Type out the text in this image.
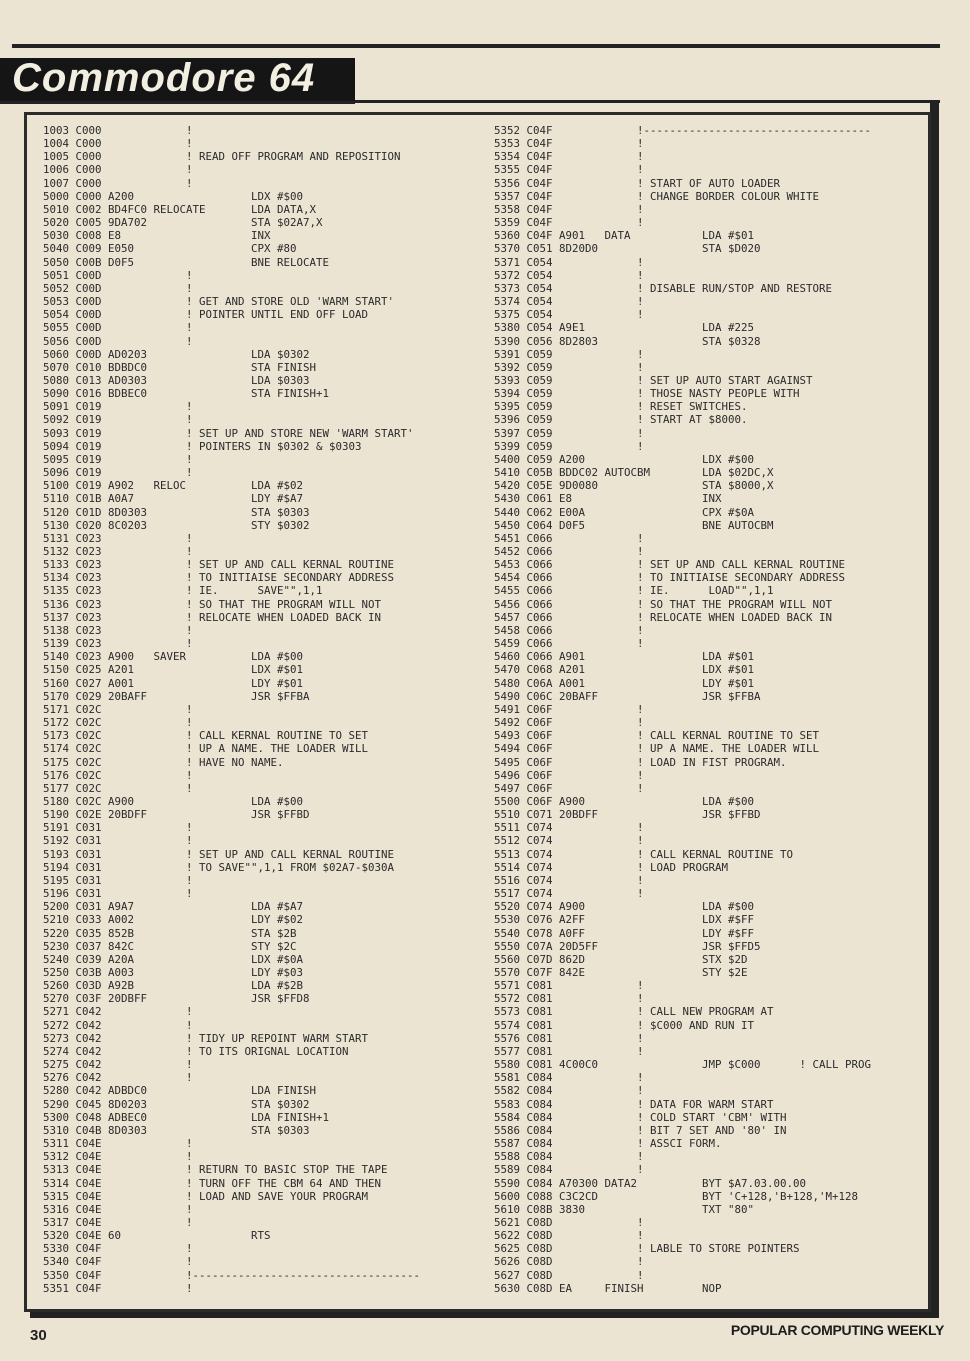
Commodore 64
1003 C000             !
1004 C000             !
1005 C000             ! READ OFF PROGRAM AND REPOSITION
1006 C000             !
1007 C000             !
5000 C000 A200                  LDX #$00
5010 C002 BD4FC0 RELOCATE       LDA DATA,X
5020 C005 9DA702                STA $02A7,X
5030 C008 E8                    INX
5040 C009 E050                  CPX #80
5050 C00B D0F5                  BNE RELOCATE
5051 C00D             !
5052 C00D             !
5053 C00D             ! GET AND STORE OLD 'WARM START'
5054 C00D             ! POINTER UNTIL END OFF LOAD
5055 C00D             !
5056 C00D             !
5060 C00D AD0203                LDA $0302
5070 C010 BDBDC0                STA FINISH
5080 C013 AD0303                LDA $0303
5090 C016 BDBEC0                STA FINISH+1
5091 C019             !
5092 C019             !
5093 C019             ! SET UP AND STORE NEW 'WARM START'
5094 C019             ! POINTERS IN $0302 & $0303
5095 C019             !
5096 C019             !
5100 C019 A902   RELOC          LDA #$02
5110 C01B A0A7                  LDY #$A7
5120 C01D 8D0303                STA $0303
5130 C020 8C0203                STY $0302
5131 C023             !
5132 C023             !
5133 C023             ! SET UP AND CALL KERNAL ROUTINE
5134 C023             ! TO INITIAISE SECONDARY ADDRESS
5135 C023             ! IE.      SAVE"",1,1
5136 C023             ! SO THAT THE PROGRAM WILL NOT
5137 C023             ! RELOCATE WHEN LOADED BACK IN
5138 C023             !
5139 C023             !
5140 C023 A900   SAVER          LDA #$00
5150 C025 A201                  LDX #$01
5160 C027 A001                  LDY #$01
5170 C029 20BAFF                JSR $FFBA
5171 C02C             !
5172 C02C             !
5173 C02C             ! CALL KERNAL ROUTINE TO SET
5174 C02C             ! UP A NAME. THE LOADER WILL
5175 C02C             ! HAVE NO NAME.
5176 C02C             !
5177 C02C             !
5180 C02C A900                  LDA #$00
5190 C02E 20BDFF                JSR $FFBD
5191 C031             !
5192 C031             !
5193 C031             ! SET UP AND CALL KERNAL ROUTINE
5194 C031             ! TO SAVE"",1,1 FROM $02A7-$030A
5195 C031             !
5196 C031             !
5200 C031 A9A7                  LDA #$A7
5210 C033 A002                  LDY #$02
5220 C035 852B                  STA $2B
5230 C037 842C                  STY $2C
5240 C039 A20A                  LDX #$0A
5250 C03B A003                  LDY #$03
5260 C03D A92B                  LDA #$2B
5270 C03F 20DBFF                JSR $FFD8
5271 C042             !
5272 C042             !
5273 C042             ! TIDY UP REPOINT WARM START
5274 C042             ! TO ITS ORIGNAL LOCATION
5275 C042             !
5276 C042             !
5280 C042 ADBDC0                LDA FINISH
5290 C045 8D0203                STA $0302
5300 C048 ADBEC0                LDA FINISH+1
5310 C04B 8D0303                STA $0303
5311 C04E             !
5312 C04E             !
5313 C04E             ! RETURN TO BASIC STOP THE TAPE
5314 C04E             ! TURN OFF THE CBM 64 AND THEN
5315 C04E             ! LOAD AND SAVE YOUR PROGRAM
5316 C04E             !
5317 C04E             !
5320 C04E 60                    RTS
5330 C04F             !
5340 C04F             !
5350 C04F             !-----------------------------------
5351 C04F             !
5352 C04F             !-----------------------------------
5353 C04F             !
5354 C04F             !
5355 C04F             !
5356 C04F             ! START OF AUTO LOADER
5357 C04F             ! CHANGE BORDER COLOUR WHITE
5358 C04F             !
5359 C04F             !
5360 C04F A901   DATA           LDA #$01
5370 C051 8D20D0                STA $D020
5371 C054             !
5372 C054             !
5373 C054             ! DISABLE RUN/STOP AND RESTORE
5374 C054             !
5375 C054             !
5380 C054 A9E1                  LDA #225
5390 C056 8D2803                STA $0328
5391 C059             !
5392 C059             !
5393 C059             ! SET UP AUTO START AGAINST
5394 C059             ! THOSE NASTY PEOPLE WITH
5395 C059             ! RESET SWITCHES.
5396 C059             ! START AT $8000.
5397 C059             !
5399 C059             !
5400 C059 A200                  LDX #$00
5410 C05B BDDC02 AUTOCBM        LDA $02DC,X
5420 C05E 9D0080                STA $8000,X
5430 C061 E8                    INX
5440 C062 E00A                  CPX #$0A
5450 C064 D0F5                  BNE AUTOCBM
5451 C066             !
5452 C066             !
5453 C066             ! SET UP AND CALL KERNAL ROUTINE
5454 C066             ! TO INITIAISE SECONDARY ADDRESS
5455 C066             ! IE.      LOAD"",1,1
5456 C066             ! SO THAT THE PROGRAM WILL NOT
5457 C066             ! RELOCATE WHEN LOADED BACK IN
5458 C066             !
5459 C066             !
5460 C066 A901                  LDA #$01
5470 C068 A201                  LDX #$01
5480 C06A A001                  LDY #$01
5490 C06C 20BAFF                JSR $FFBA
5491 C06F             !
5492 C06F             !
5493 C06F             ! CALL KERNAL ROUTINE TO SET
5494 C06F             ! UP A NAME. THE LOADER WILL
5495 C06F             ! LOAD IN FIST PROGRAM.
5496 C06F             !
5497 C06F             !
5500 C06F A900                  LDA #$00
5510 C071 20BDFF                JSR $FFBD
5511 C074             !
5512 C074             !
5513 C074             ! CALL KERNAL ROUTINE TO
5514 C074             ! LOAD PROGRAM
5516 C074             !
5517 C074             !
5520 C074 A900                  LDA #$00
5530 C076 A2FF                  LDX #$FF
5540 C078 A0FF                  LDY #$FF
5550 C07A 20D5FF                JSR $FFD5
5560 C07D 862D                  STX $2D
5570 C07F 842E                  STY $2E
5571 C081             !
5572 C081             !
5573 C081             ! CALL NEW PROGRAM AT
5574 C081             ! $C000 AND RUN IT
5576 C081             !
5577 C081             !
5580 C081 4C00C0                JMP $C000      ! CALL PROG
5581 C084             !
5582 C084             !
5583 C084             ! DATA FOR WARM START
5584 C084             ! COLD START 'CBM' WITH
5586 C084             ! BIT 7 SET AND '80' IN
5587 C084             ! ASSCI FORM.
5588 C084             !
5589 C084             !
5590 C084 A70300 DATA2          BYT $A7.03.00.00
5600 C088 C3C2CD                BYT 'C+128,'B+128,'M+128
5610 C08B 3830                  TXT "80"
5621 C08D             !
5622 C08D             !
5625 C08D             ! LABLE TO STORE POINTERS
5626 C08D             !
5627 C08D             !
5630 C08D EA     FINISH         NOP
30	POPULAR COMPUTING WEEKLY
